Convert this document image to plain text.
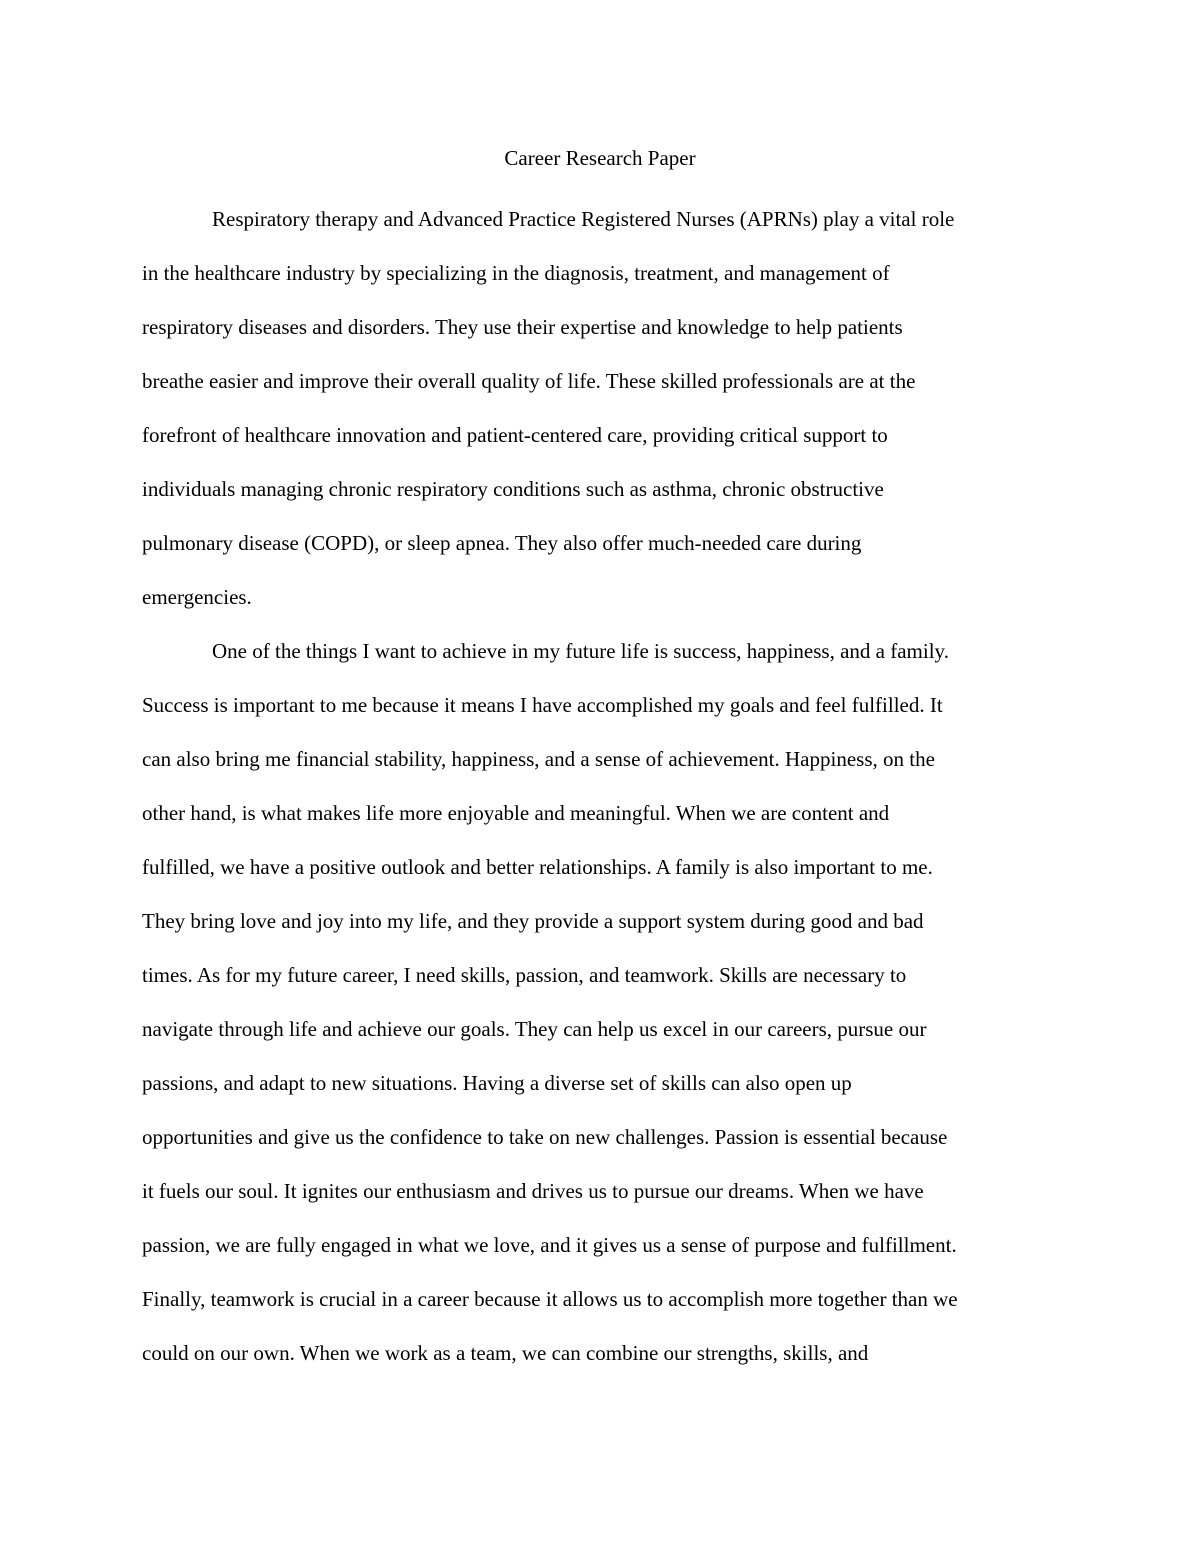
Career Research Paper
Respiratory therapy and Advanced Practice Registered Nurses (APRNs) play a vital role
in the healthcare industry by specializing in the diagnosis, treatment, and management of
respiratory diseases and disorders. They use their expertise and knowledge to help patients
breathe easier and improve their overall quality of life. These skilled professionals are at the
forefront of healthcare innovation and patient-centered care, providing critical support to
individuals managing chronic respiratory conditions such as asthma, chronic obstructive
pulmonary disease (COPD), or sleep apnea. They also offer much-needed care during
emergencies.
One of the things I want to achieve in my future life is success, happiness, and a family.
Success is important to me because it means I have accomplished my goals and feel fulfilled. It
can also bring me financial stability, happiness, and a sense of achievement. Happiness, on the
other hand, is what makes life more enjoyable and meaningful. When we are content and
fulfilled, we have a positive outlook and better relationships. A family is also important to me.
They bring love and joy into my life, and they provide a support system during good and bad
times. As for my future career, I need skills, passion, and teamwork. Skills are necessary to
navigate through life and achieve our goals. They can help us excel in our careers, pursue our
passions, and adapt to new situations. Having a diverse set of skills can also open up
opportunities and give us the confidence to take on new challenges. Passion is essential because
it fuels our soul. It ignites our enthusiasm and drives us to pursue our dreams. When we have
passion, we are fully engaged in what we love, and it gives us a sense of purpose and fulfillment.
Finally, teamwork is crucial in a career because it allows us to accomplish more together than we
could on our own. When we work as a team, we can combine our strengths, skills, and
